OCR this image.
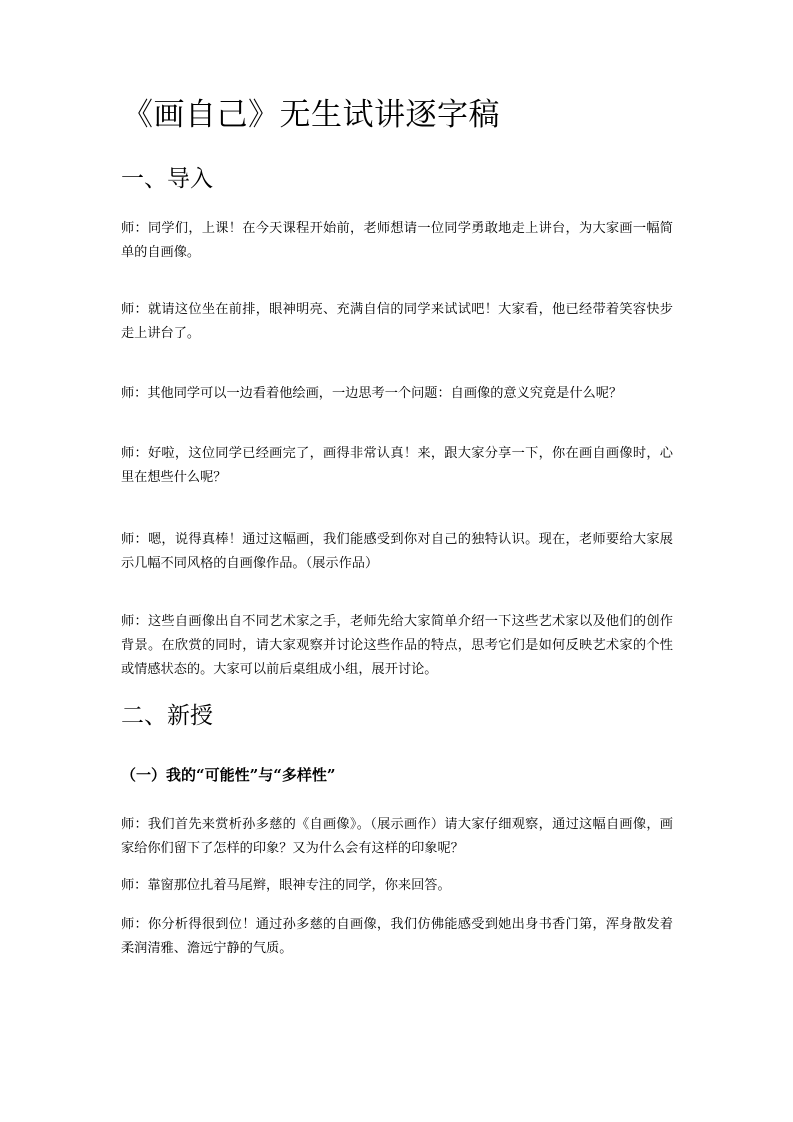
《画自己》无生试讲逐字稿
一、导入
师：同学们，上课！在今天课程开始前，老师想请一位同学勇敢地走上讲台，为大家画一幅简单的自画像。
师：就请这位坐在前排，眼神明亮、充满自信的同学来试试吧！大家看，他已经带着笑容快步走上讲台了。
师：其他同学可以一边看着他绘画，一边思考一个问题：自画像的意义究竟是什么呢？
师：好啦，这位同学已经画完了，画得非常认真！来，跟大家分享一下，你在画自画像时，心里在想些什么呢？
师：嗯，说得真棒！通过这幅画，我们能感受到你对自己的独特认识。现在，老师要给大家展示几幅不同风格的自画像作品。（展示作品）
师：这些自画像出自不同艺术家之手，老师先给大家简单介绍一下这些艺术家以及他们的创作背景。在欣赏的同时，请大家观察并讨论这些作品的特点，思考它们是如何反映艺术家的个性或情感状态的。大家可以前后桌组成小组，展开讨论。
二、新授
（一）我的“可能性”与“多样性”
师：我们首先来赏析孙多慈的《自画像》。（展示画作）请大家仔细观察，通过这幅自画像，画家给你们留下了怎样的印象？又为什么会有这样的印象呢？
师：靠窗那位扎着马尾辫，眼神专注的同学，你来回答。
师：你分析得很到位！通过孙多慈的自画像，我们仿佛能感受到她出身书香门第，浑身散发着柔润清雅、澹远宁静的气质。
